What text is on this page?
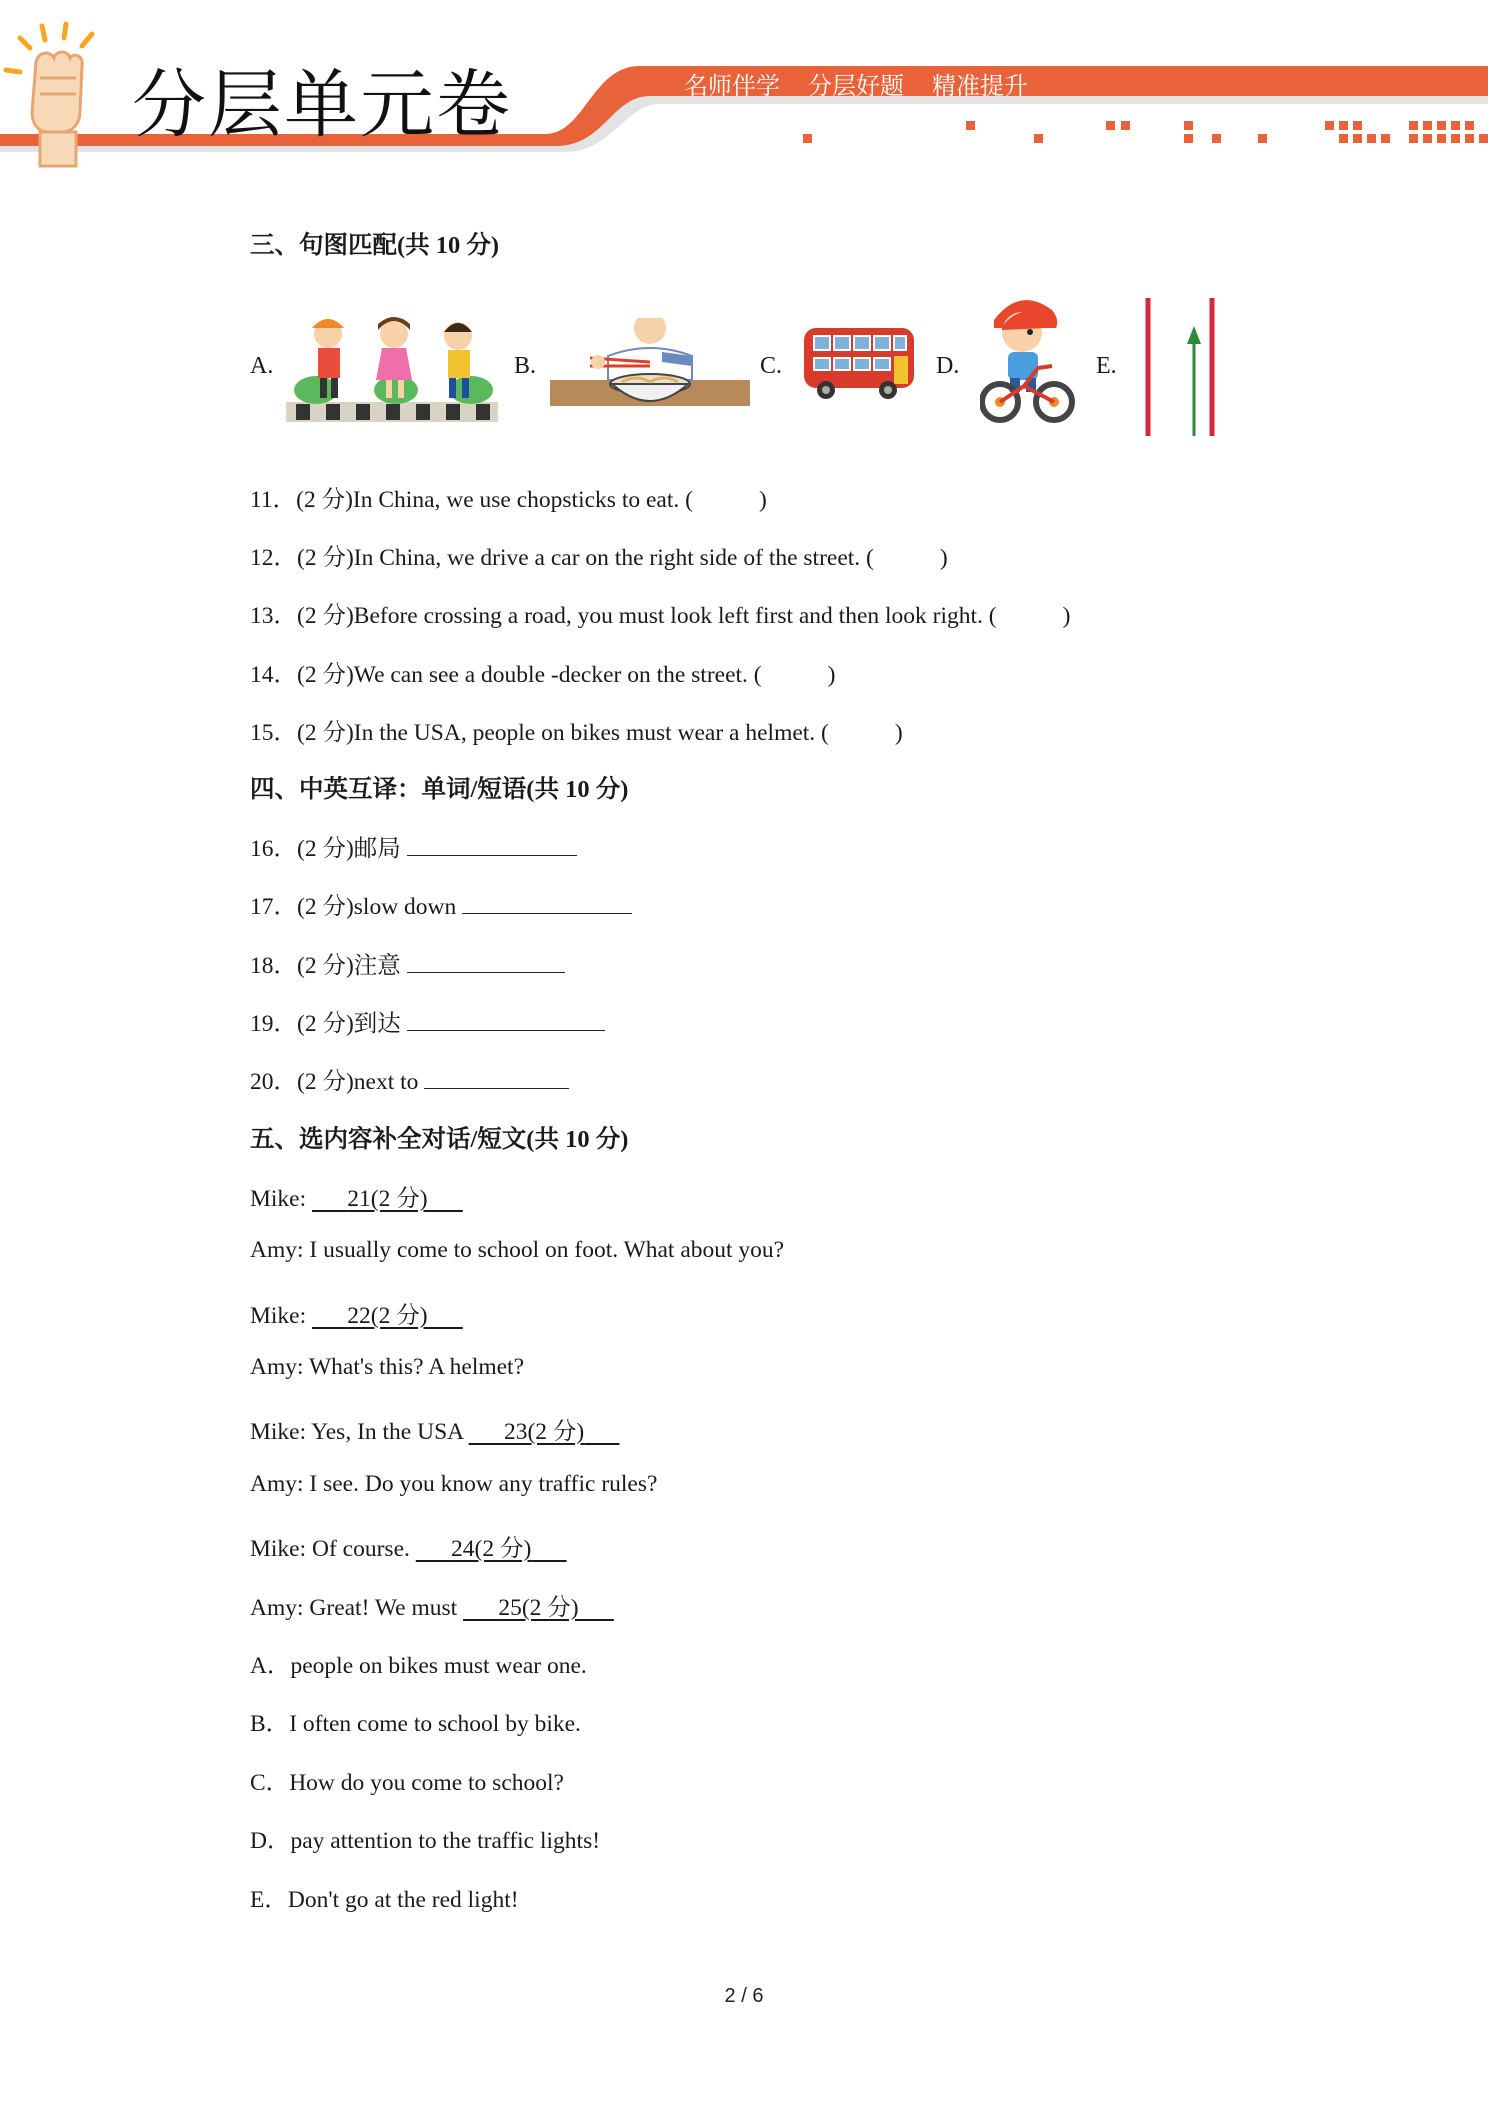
分层单元卷	名师伴学 分层好题 精准提升
三、句图匹配(共 10 分)
A.	B.	C.	D.	E.
11．(2 分)In China, we use chopsticks to eat. (	)
12．(2 分)In China, we drive a car on the right side of the street. (	)
13．(2 分)Before crossing a road, you must look left first and then look right. (	)
14．(2 分)We can see a double -decker on the street. (	)
15．(2 分)In the USA, people on bikes must wear a helmet. (	)
四、中英互译：单词/短语(共 10 分)
16．(2 分)邮局
17．(2 分)slow down
18．(2 分)注意
19．(2 分)到达
20．(2 分)next to
五、选内容补全对话/短文(共 10 分)
Mike:       21(2 分)
Amy: I usually come to school on foot. What about you?
Mike:       22(2 分)
Amy: What's this? A helmet?
Mike: Yes, In the USA       23(2 分)
Amy: I see. Do you know any traffic rules?
Mike: Of course.       24(2 分)
Amy: Great! We must       25(2 分)
A．people on bikes must wear one.
B．I often come to school by bike.
C．How do you come to school?
D．pay attention to the traffic lights!
E．Don't go at the red light!
2 / 6
